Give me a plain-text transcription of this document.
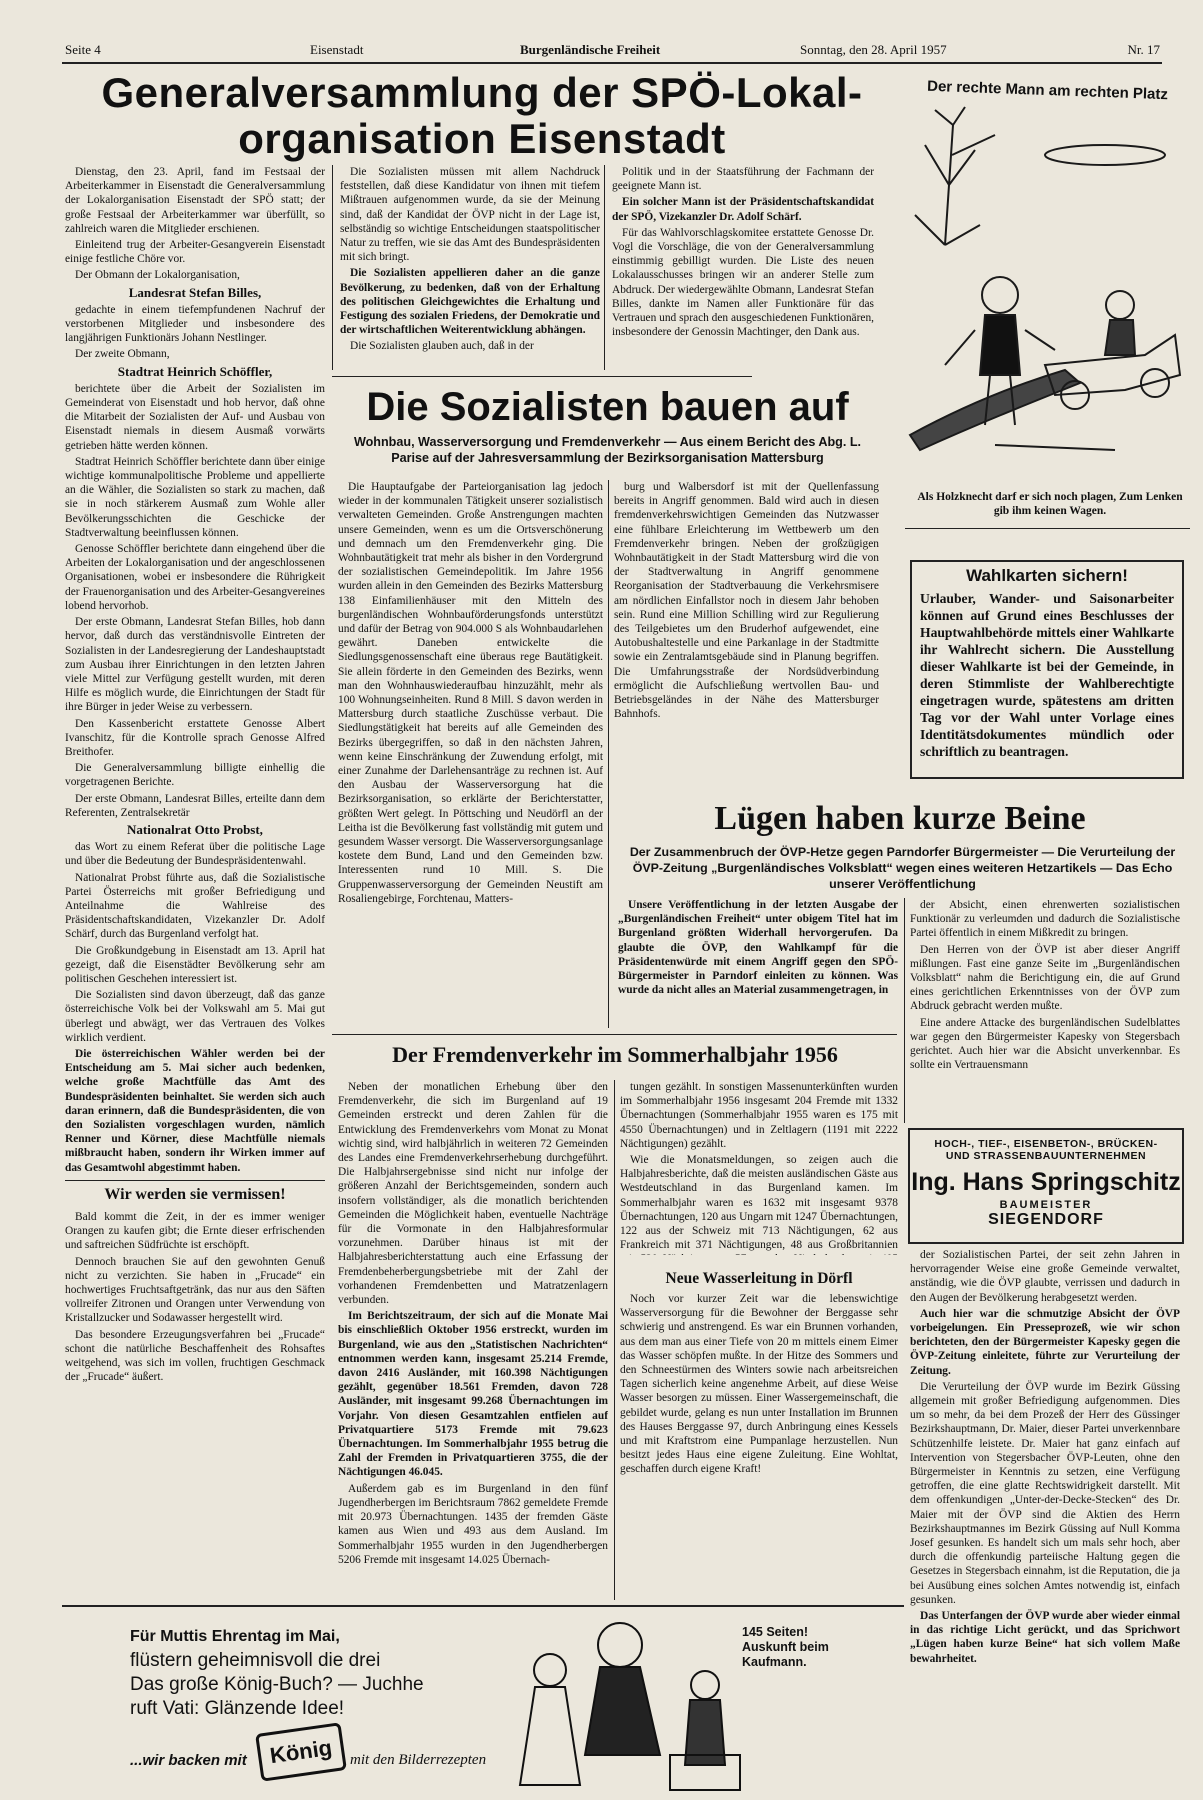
Seite 4	Eisenstadt	Burgenländische Freiheit	Sonntag, den 28. April 1957	Nr. 17
Generalversammlung der SPÖ-Lokal-
organisation Eisenstadt

Dienstag, den 23. April, fand im Festsaal der Arbeiterkammer in Eisenstadt die Generalversammlung der Lokalorganisation Eisenstadt der SPÖ statt; der große Festsaal der Arbeiterkammer war überfüllt, so zahlreich waren die Mitglieder erschienen.

Einleitend trug der Arbeiter-Gesangverein Eisenstadt einige festliche Chöre vor.

Der Obmann der Lokalorganisation,

Landesrat Stefan Billes,

gedachte in einem tiefempfundenen Nachruf der verstorbenen Mitglieder und insbesondere des langjährigen Funktionärs Johann Nestlinger.

Der zweite Obmann,

Stadtrat Heinrich Schöffler,

berichtete über die Arbeit der Sozialisten im Gemeinderat von Eisenstadt und hob hervor, daß ohne die Mitarbeit der Sozialisten der Auf- und Ausbau von Eisenstadt niemals in diesem Ausmaß vorwärts getrieben hätte werden können.

Stadtrat Heinrich Schöffler berichtete dann über einige wichtige kommunalpolitische Probleme und appellierte an die Wähler, die Sozialisten so stark zu machen, daß sie in noch stärkerem Ausmaß zum Wohle aller Bevölkerungsschichten die Geschicke der Stadtverwaltung beeinflussen können.

Genosse Schöffler berichtete dann eingehend über die Arbeiten der Lokalorganisation und der angeschlossenen Organisationen, wobei er insbesondere die Rührigkeit der Frauenorganisation und des Arbeiter-Gesangvereines lobend hervorhob.

Der erste Obmann, Landesrat Stefan Billes, hob dann hervor, daß durch das verständnisvolle Eintreten der Sozialisten in der Landesregierung der Landeshauptstadt zum Ausbau ihrer Einrichtungen in den letzten Jahren viele Mittel zur Verfügung gestellt wurden, mit deren Hilfe es möglich wurde, die Einrichtungen der Stadt für ihre Bürger in jeder Weise zu verbessern.

Den Kassenbericht erstattete Genosse Albert Ivanschitz, für die Kontrolle sprach Genosse Alfred Breithofer.

Die Generalversammlung billigte einhellig die vorgetragenen Berichte.

Der erste Obmann, Landesrat Billes, erteilte dann dem Referenten, Zentralsekretär

Nationalrat Otto Probst,

das Wort zu einem Referat über die politische Lage und über die Bedeutung der Bundespräsidentenwahl.

Nationalrat Probst führte aus, daß die Sozialistische Partei Österreichs mit großer Befriedigung und Anteilnahme die Wahlreise des Präsidentschaftskandidaten, Vizekanzler Dr. Adolf Schärf, durch das Burgenland verfolgt hat.

Die Großkundgebung in Eisenstadt am 13. April hat gezeigt, daß die Eisenstädter Bevölkerung sehr am politischen Geschehen interessiert ist.

Die Sozialisten sind davon überzeugt, daß das ganze österreichische Volk bei der Volkswahl am 5. Mai gut überlegt und abwägt, wer das Vertrauen des Volkes wirklich verdient.

Die österreichischen Wähler werden bei der Entscheidung am 5. Mai sicher auch bedenken, welche große Machtfülle das Amt des Bundespräsidenten beinhaltet. Sie werden sich auch daran erinnern, daß die Bundespräsidenten, die von den Sozialisten vorgeschlagen wurden, nämlich Renner und Körner, diese Machtfülle niemals mißbraucht haben, sondern ihr Wirken immer auf das Gesamtwohl abgestimmt haben.

Die Sozialisten müssen mit allem Nachdruck feststellen, daß diese Kandidatur von ihnen mit tiefem Mißtrauen aufgenommen wurde, da sie der Meinung sind, daß der Kandidat der ÖVP nicht in der Lage ist, selbständig so wichtige Entscheidungen staatspolitischer Natur zu treffen, wie sie das Amt des Bundespräsidenten mit sich bringt.

Die Sozialisten appellieren daher an die ganze Bevölkerung, zu bedenken, daß von der Erhaltung des politischen Gleichgewichtes die Erhaltung und Festigung des sozialen Friedens, der Demokratie und der wirtschaftlichen Weiterentwicklung abhängen.

Die Sozialisten glauben auch, daß in der

Politik und in der Staatsführung der Fachmann der geeignete Mann ist.

Ein solcher Mann ist der Präsidentschaftskandidat der SPÖ, Vizekanzler Dr. Adolf Schärf.

Für das Wahlvorschlagskomitee erstattete Genosse Dr. Vogl die Vorschläge, die von der Generalversammlung einstimmig gebilligt wurden. Die Liste des neuen Lokalausschusses bringen wir an anderer Stelle zum Abdruck. Der wiedergewählte Obmann, Landesrat Stefan Billes, dankte im Namen aller Funktionäre für das Vertrauen und sprach den ausgeschiedenen Funktionären, insbesondere der Genossin Machtinger, den Dank aus.

Wir werden sie vermissen!

Bald kommt die Zeit, in der es immer weniger Orangen zu kaufen gibt; die Ernte dieser erfrischenden und saftreichen Südfrüchte ist erschöpft.

Dennoch brauchen Sie auf den gewohnten Genuß nicht zu verzichten. Sie haben in „Frucade“ ein hochwertiges Fruchtsaftgetränk, das nur aus den Säften vollreifer Zitronen und Orangen unter Verwendung von Kristallzucker und Sodawasser hergestellt wird.

Das besondere Erzeugungsverfahren bei „Frucade“ schont die natürliche Beschaffenheit des Rohsaftes weitgehend, was sich im vollen, fruchtigen Geschmack der „Frucade“ äußert.

Die Sozialisten bauen auf
Wohnbau, Wasserversorgung und Fremdenverkehr — Aus einem Bericht des Abg. L. Parise auf der Jahresversammlung der Bezirksorganisation Mattersburg

Die Hauptaufgabe der Parteiorganisation lag jedoch wieder in der kommunalen Tätigkeit unserer sozialistisch verwalteten Gemeinden. Große Anstrengungen machten unsere Gemeinden, wenn es um die Ortsverschönerung und demnach um den Fremdenverkehr ging. Die Wohnbautätigkeit trat mehr als bisher in den Vordergrund der sozialistischen Gemeindepolitik. Im Jahre 1956 wurden allein in den Gemeinden des Bezirks Mattersburg 138 Einfamilienhäuser mit den Mitteln des burgenländischen Wohnbauförderungsfonds unterstützt und dafür der Betrag von 904.000 S als Wohnbaudarlehen gewährt. Daneben entwickelte die Siedlungsgenossenschaft eine überaus rege Bautätigkeit. Sie allein förderte in den Gemeinden des Bezirks, wenn man den Wohnhauswiederaufbau hinzuzählt, mehr als 100 Wohnungseinheiten. Rund 8 Mill. S davon werden in Mattersburg durch staatliche Zuschüsse verbaut. Die Siedlungstätigkeit hat bereits auf alle Gemeinden des Bezirks übergegriffen, so daß in den nächsten Jahren, wenn keine Einschränkung der Zuwendung erfolgt, mit einer Zunahme der Darlehensanträge zu rechnen ist. Auf den Ausbau der Wasserversorgung hat die Bezirksorganisation, so erklärte der Berichterstatter, größten Wert gelegt. In Pöttsching und Neudörfl an der Leitha ist die Bevölkerung fast vollständig mit gutem und gesundem Wasser versorgt. Die Wasserversorgungsanlage kostete dem Bund, Land und den Gemeinden bzw. Interessenten rund 10 Mill. S. Die Gruppenwasserversorgung der Gemeinden Neustift am Rosaliengebirge, Forchtenau, Matters-

burg und Walbersdorf ist mit der Quellenfassung bereits in Angriff genommen. Bald wird auch in diesen fremdenverkehrswichtigen Gemeinden das Nutzwasser eine fühlbare Erleichterung im Wettbewerb um den Fremdenverkehr bringen. Neben der großzügigen Wohnbautätigkeit in der Stadt Mattersburg wird die von der Stadtverwaltung in Angriff genommene Reorganisation der Stadtverbauung die Verkehrsmisere am nördlichen Einfallstor noch in diesem Jahr behoben sein. Rund eine Million Schilling wird zur Regulierung des Teilgebietes um den Bruderhof aufgewendet, eine Autobushaltestelle und eine Parkanlage in der Stadtmitte sowie ein Zentralamtsgebäude sind in Planung begriffen. Die Umfahrungsstraße der Nordsüdverbindung ermöglicht die Aufschließung wertvollen Bau- und Betriebsgeländes in der Nähe des Mattersburger Bahnhofs.

Der rechte Mann am rechten Platz
Als Holzknecht darf er sich noch plagen, Zum Lenken gib ihm keinen Wagen.
Wahlkarten sichern!
Urlauber, Wander- und Saisonarbeiter können auf Grund eines Beschlusses der Hauptwahlbehörde mittels einer Wahlkarte ihr Wahlrecht sichern. Die Ausstellung dieser Wahlkarte ist bei der Gemeinde, in deren Stimmliste der Wahlberechtigte eingetragen wurde, spätestens am dritten Tag vor der Wahl unter Vorlage eines Identitätsdokumentes mündlich oder schriftlich zu beantragen.
Lügen haben kurze Beine
Der Zusammenbruch der ÖVP-Hetze gegen Parndorfer Bürgermeister — Die Verurteilung der ÖVP-Zeitung „Burgenländisches Volksblatt“ wegen eines weiteren Hetzartikels — Das Echo unserer Veröffentlichung

Unsere Veröffentlichung in der letzten Ausgabe der „Burgenländischen Freiheit“ unter obigem Titel hat im Burgenland größten Widerhall hervorgerufen. Da glaubte die ÖVP, den Wahlkampf für die Präsidentenwürde mit einem Angriff gegen den SPÖ-Bürgermeister in Parndorf einleiten zu können. Was wurde da nicht alles an Material zusammengetragen, in

der Absicht, einen ehrenwerten sozialistischen Funktionär zu verleumden und dadurch die Sozialistische Partei öffentlich in einem Mißkredit zu bringen.

Den Herren von der ÖVP ist aber dieser Angriff mißlungen. Fast eine ganze Seite im „Burgenländischen Volksblatt“ nahm die Berichtigung ein, die auf Grund eines gerichtlichen Erkenntnisses von der ÖVP zum Abdruck gebracht werden mußte.

Eine andere Attacke des burgenländischen Sudelblattes war gegen den Bürgermeister Kapesky von Stegersbach gerichtet. Auch hier war die Absicht unverkennbar. Es sollte ein Vertrauensmann

HOCH-, TIEF-, EISENBETON-, BRÜCKEN-
UND STRASSENBAUUNTERNEHMEN
Ing. Hans Springschitz
BAUMEISTER
SIEGENDORF

der Sozialistischen Partei, der seit zehn Jahren in hervorragender Weise eine große Gemeinde verwaltet, anständig, wie die ÖVP glaubte, verrissen und dadurch in den Augen der Bevölkerung herabgesetzt werden.

Auch hier war die schmutzige Absicht der ÖVP vorbeigelungen. Ein Presseprozeß, wie wir schon berichteten, den der Bürgermeister Kapesky gegen die ÖVP-Zeitung einleitete, führte zur Verurteilung der Zeitung.

Die Verurteilung der ÖVP wurde im Bezirk Güssing allgemein mit großer Befriedigung aufgenommen. Dies um so mehr, da bei dem Prozeß der Herr des Güssinger Bezirkshauptmann, Dr. Maier, dieser Partei unverkennbare Schützenhilfe leistete. Dr. Maier hat ganz einfach auf Intervention von Stegersbacher ÖVP-Leuten, ohne den Bürgermeister in Kenntnis zu setzen, eine Verfügung getroffen, die eine glatte Rechtswidrigkeit darstellt. Mit dem offenkundigen „Unter-der-Decke-Stecken“ des Dr. Maier mit der ÖVP sind die Aktien des Herrn Bezirkshauptmannes im Bezirk Güssing auf Null Komma Josef gesunken. Es handelt sich um mals sehr hoch, aber durch die offenkundig parteiische Haltung gegen die Gesetzes in Stegersbach einnahm, ist die Reputation, die ja bei Ausübung eines solchen Amtes notwendig ist, einfach gesunken.

Das Unterfangen der ÖVP wurde aber wieder einmal in das richtige Licht gerückt, und das Sprichwort „Lügen haben kurze Beine“ hat sich vollem Maße bewahrheitet.

Der Fremdenverkehr im Sommerhalbjahr 1956

Neben der monatlichen Erhebung über den Fremdenverkehr, die sich im Burgenland auf 19 Gemeinden erstreckt und deren Zahlen für die Entwicklung des Fremdenverkehrs vom Monat zu Monat wichtig sind, wird halbjährlich in weiteren 72 Gemeinden des Landes eine Fremdenverkehrserhebung durchgeführt. Die Halbjahrsergebnisse sind nicht nur infolge der größeren Anzahl der Berichtsgemeinden, sondern auch insofern vollständiger, als die monatlich berichtenden Gemeinden die Möglichkeit haben, eventuelle Nachträge für die Vormonate in den Halbjahresformular vorzunehmen. Darüber hinaus ist mit der Halbjahresberichterstattung auch eine Erfassung der Fremdenbeherbergungsbetriebe mit der Zahl der vorhandenen Fremdenbetten und Matratzenlagern verbunden.

Im Berichtszeitraum, der sich auf die Monate Mai bis einschließlich Oktober 1956 erstreckt, wurden im Burgenland, wie aus den „Statistischen Nachrichten“ entnommen werden kann, insgesamt 25.214 Fremde, davon 2416 Ausländer, mit 160.398 Nächtigungen gezählt, gegenüber 18.561 Fremden, davon 728 Ausländer, mit insgesamt 99.268 Übernachtungen im Vorjahr. Von diesen Gesamtzahlen entfielen auf Privatquartiere 5173 Fremde mit 79.623 Übernachtungen. Im Sommerhalbjahr 1955 betrug die Zahl der Fremden in Privatquartieren 3755, die der Nächtigungen 46.045.

Außerdem gab es im Burgenland in den fünf Jugendherbergen im Berichtsraum 7862 gemeldete Fremde mit 20.973 Übernachtungen. 1435 der fremden Gäste kamen aus Wien und 493 aus dem Ausland. Im Sommerhalbjahr 1955 wurden in den Jugendherbergen 5206 Fremde mit insgesamt 14.025 Übernach-

tungen gezählt. In sonstigen Massenunterkünften wurden im Sommerhalbjahr 1956 insgesamt 204 Fremde mit 1332 Übernachtungen (Sommerhalbjahr 1955 waren es 175 mit 4550 Übernachtungen) und in Zeltlagern (1191 mit 2222 Nächtigungen) gezählt.

Wie die Monatsmeldungen, so zeigen auch die Halbjahresberichte, daß die meisten ausländischen Gäste aus Westdeutschland in das Burgenland kamen. Im Sommerhalbjahr waren es 1632 mit insgesamt 9378 Übernachtungen, 120 aus Ungarn mit 1247 Übernachtungen, 122 aus der Schweiz mit 713 Nächtigungen, 62 aus Frankreich mit 371 Nächtigungen, 48 aus Großbritannien

Neue Wasserleitung in Dörfl

Noch vor kurzer Zeit war die lebenswichtige Wasserversorgung für die Bewohner der Berggasse sehr schwierig und anstrengend. Es war ein Brunnen vorhanden, aus dem man aus einer Tiefe von 20 m mittels einem Eimer das Wasser schöpfen mußte. In der Hitze des Sommers und den Schneestürmen des Winters sowie nach arbeitsreichen Tagen sicherlich keine angenehme Arbeit, auf diese Weise Wasser besorgen zu müssen. Einer Wassergemeinschaft, die gebildet wurde, gelang es nun unter Installation im Brunnen des Hauses Berggasse 97, durch Anbringung eines Kessels und mit Kraftstrom eine Pumpanlage herzustellen. Nun besitzt jedes Haus eine eigene Zuleitung. Eine Wohltat, geschaffen durch eigene Kraft!

Für Muttis Ehrentag im Mai,
flüstern geheimnisvoll die drei
Das große König-Buch? — Juchhe
ruft Vati: Glänzende Idee!
...wir backen mit König	mit den Bilderrezepten
145 Seiten! Auskunft beim Kaufmann.
